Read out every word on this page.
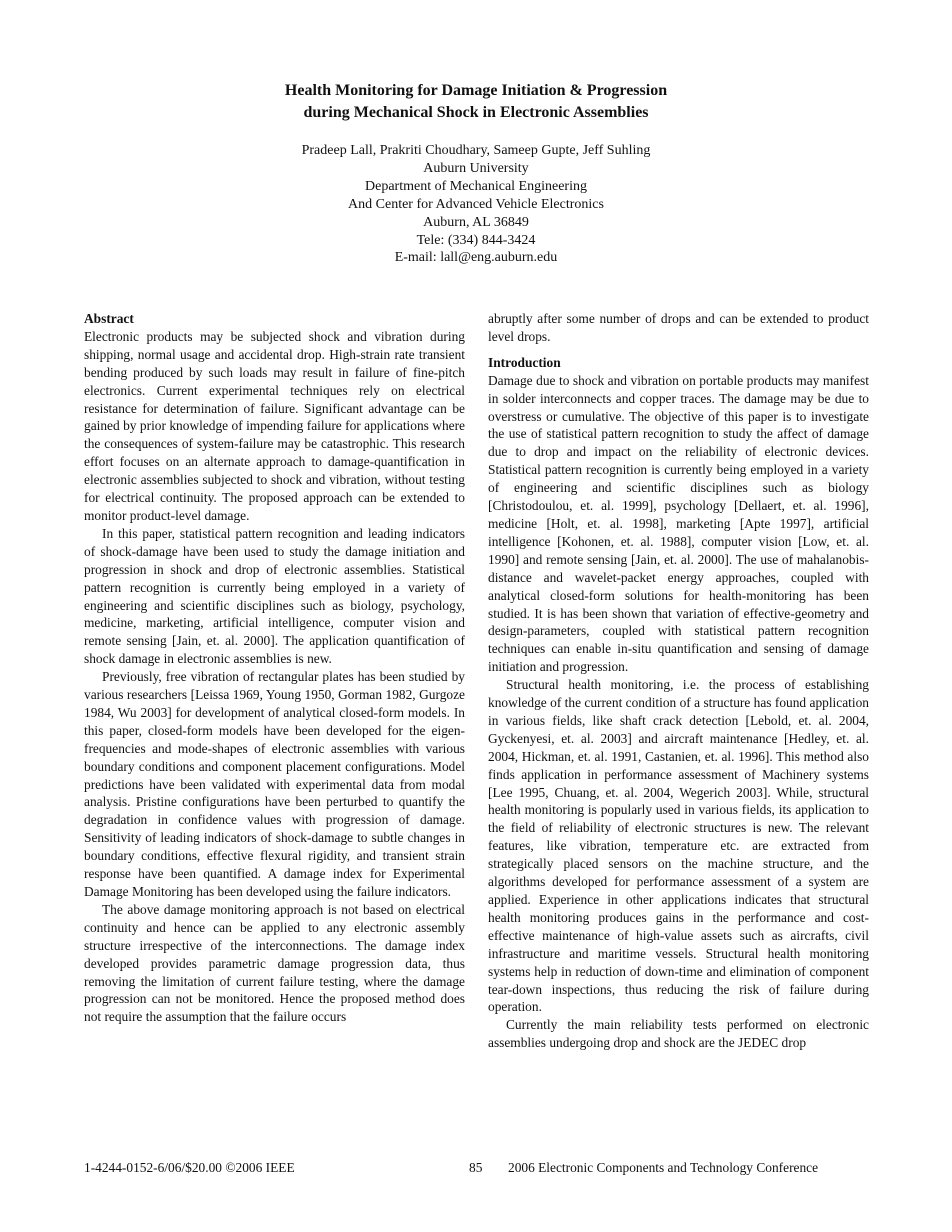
Health Monitoring for Damage Initiation & Progression
during Mechanical Shock in Electronic Assemblies
Pradeep Lall, Prakriti Choudhary, Sameep Gupte, Jeff Suhling
Auburn University
Department of Mechanical Engineering
And Center for Advanced Vehicle Electronics
Auburn, AL 36849
Tele: (334) 844-3424
E-mail: lall@eng.auburn.edu

Abstract

Electronic products may be subjected shock and vibration during shipping, normal usage and accidental drop. High-strain rate transient bending produced by such loads may result in failure of fine-pitch electronics. Current experimental techniques rely on electrical resistance for determination of failure. Significant advantage can be gained by prior knowledge of impending failure for applications where the consequences of system-failure may be catastrophic. This research effort focuses on an alternate approach to damage-quantification in electronic assemblies subjected to shock and vibration, without testing for electrical continuity. The proposed approach can be extended to monitor product-level damage.

In this paper, statistical pattern recognition and leading indicators of shock-damage have been used to study the damage initiation and progression in shock and drop of electronic assemblies. Statistical pattern recognition is currently being employed in a variety of engineering and scientific disciplines such as biology, psychology, medicine, marketing, artificial intelligence, computer vision and remote sensing [Jain, et. al. 2000]. The application quantification of shock damage in electronic assemblies is new.

Previously, free vibration of rectangular plates has been studied by various researchers [Leissa 1969, Young 1950, Gorman 1982, Gurgoze 1984, Wu 2003] for development of analytical closed-form models. In this paper, closed-form models have been developed for the eigen-frequencies and mode-shapes of electronic assemblies with various boundary conditions and component placement configurations. Model predictions have been validated with experimental data from modal analysis. Pristine configurations have been perturbed to quantify the degradation in confidence values with progression of damage. Sensitivity of leading indicators of shock-damage to subtle changes in boundary conditions, effective flexural rigidity, and transient strain response have been quantified. A damage index for Experimental Damage Monitoring has been developed using the failure indicators.

The above damage monitoring approach is not based on electrical continuity and hence can be applied to any electronic assembly structure irrespective of the interconnections. The damage index developed provides parametric damage progression data, thus removing the limitation of current failure testing, where the damage progression can not be monitored. Hence the proposed method does not require the assumption that the failure occurs

abruptly after some number of drops and can be extended to product level drops.

Introduction

Damage due to shock and vibration on portable products may manifest in solder interconnects and copper traces. The damage may be due to overstress or cumulative. The objective of this paper is to investigate the use of statistical pattern recognition to study the affect of damage due to drop and impact on the reliability of electronic devices. Statistical pattern recognition is currently being employed in a variety of engineering and scientific disciplines such as biology [Christodoulou, et. al. 1999], psychology [Dellaert, et. al. 1996], medicine [Holt, et. al. 1998], marketing [Apte 1997], artificial intelligence [Kohonen, et. al. 1988], computer vision [Low, et. al. 1990] and remote sensing [Jain, et. al. 2000]. The use of mahalanobis-distance and wavelet-packet energy approaches, coupled with analytical closed-form solutions for health-monitoring has been studied. It is has been shown that variation of effective-geometry and design-parameters, coupled with statistical pattern recognition techniques can enable in-situ quantification and sensing of damage initiation and progression.

Structural health monitoring, i.e. the process of establishing knowledge of the current condition of a structure has found application in various fields, like shaft crack detection [Lebold, et. al. 2004, Gyckenyesi, et. al. 2003] and aircraft maintenance [Hedley, et. al. 2004, Hickman, et. al. 1991, Castanien, et. al. 1996]. This method also finds application in performance assessment of Machinery systems [Lee 1995, Chuang, et. al. 2004, Wegerich 2003]. While, structural health monitoring is popularly used in various fields, its application to the field of reliability of electronic structures is new. The relevant features, like vibration, temperature etc. are extracted from strategically placed sensors on the machine structure, and the algorithms developed for performance assessment of a system are applied. Experience in other applications indicates that structural health monitoring produces gains in the performance and cost-effective maintenance of high-value assets such as aircrafts, civil infrastructure and maritime vessels. Structural health monitoring systems help in reduction of down-time and elimination of component tear-down inspections, thus reducing the risk of failure during operation.

Currently the main reliability tests performed on electronic assemblies undergoing drop and shock are the JEDEC drop

1-4244-0152-6/06/$20.00 ©2006 IEEE	85 2006 Electronic Components and Technology Conference
